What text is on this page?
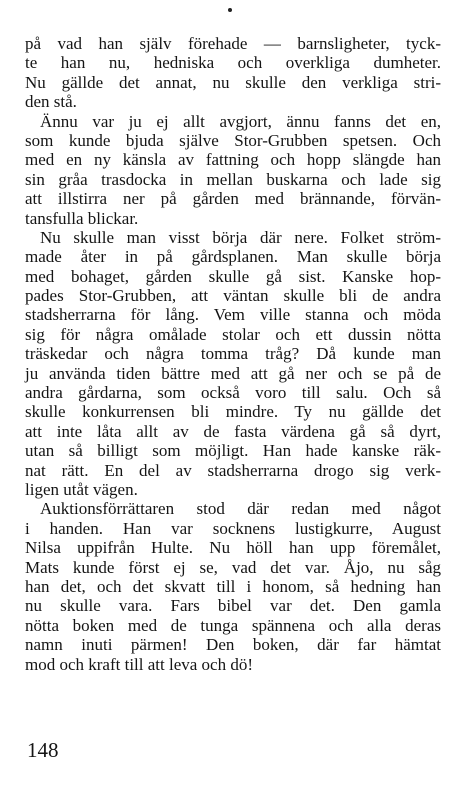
på vad han själv förehade — barnsligheter, tyck-
te han nu, hedniska och overkliga dumheter.
Nu gällde det annat, nu skulle den verkliga stri-
den stå.
Ännu var ju ej allt avgjort, ännu fanns det en,
som kunde bjuda själve Stor-Grubben spetsen. Och
med en ny känsla av fattning och hopp slängde han
sin gråa trasdocka in mellan buskarna och lade sig
att illstirra ner på gården med brännande, förvän-
tansfulla blickar.
Nu skulle man visst börja där nere. Folket ström-
made åter in på gårdsplanen. Man skulle börja
med bohaget, gården skulle gå sist. Kanske hop-
pades Stor-Grubben, att väntan skulle bli de andra
stadsherrarna för lång. Vem ville stanna och möda
sig för några omålade stolar och ett dussin nötta
träskedar och några tomma tråg? Då kunde man
ju använda tiden bättre med att gå ner och se på de
andra gårdarna, som också voro till salu. Och så
skulle konkurrensen bli mindre. Ty nu gällde det
att inte låta allt av de fasta värdena gå så dyrt,
utan så billigt som möjligt. Han hade kanske räk-
nat rätt. En del av stadsherrarna drogo sig verk-
ligen utåt vägen.
Auktionsförrättaren stod där redan med något
i handen. Han var socknens lustigkurre, August
Nilsa uppifrån Hulte. Nu höll han upp föremålet,
Mats kunde först ej se, vad det var. Åjo, nu såg
han det, och det skvatt till i honom, så hedning han
nu skulle vara. Fars bibel var det. Den gamla
nötta boken med de tunga spännena och alla deras
namn inuti pärmen! Den boken, där far hämtat
mod och kraft till att leva och dö!
148
